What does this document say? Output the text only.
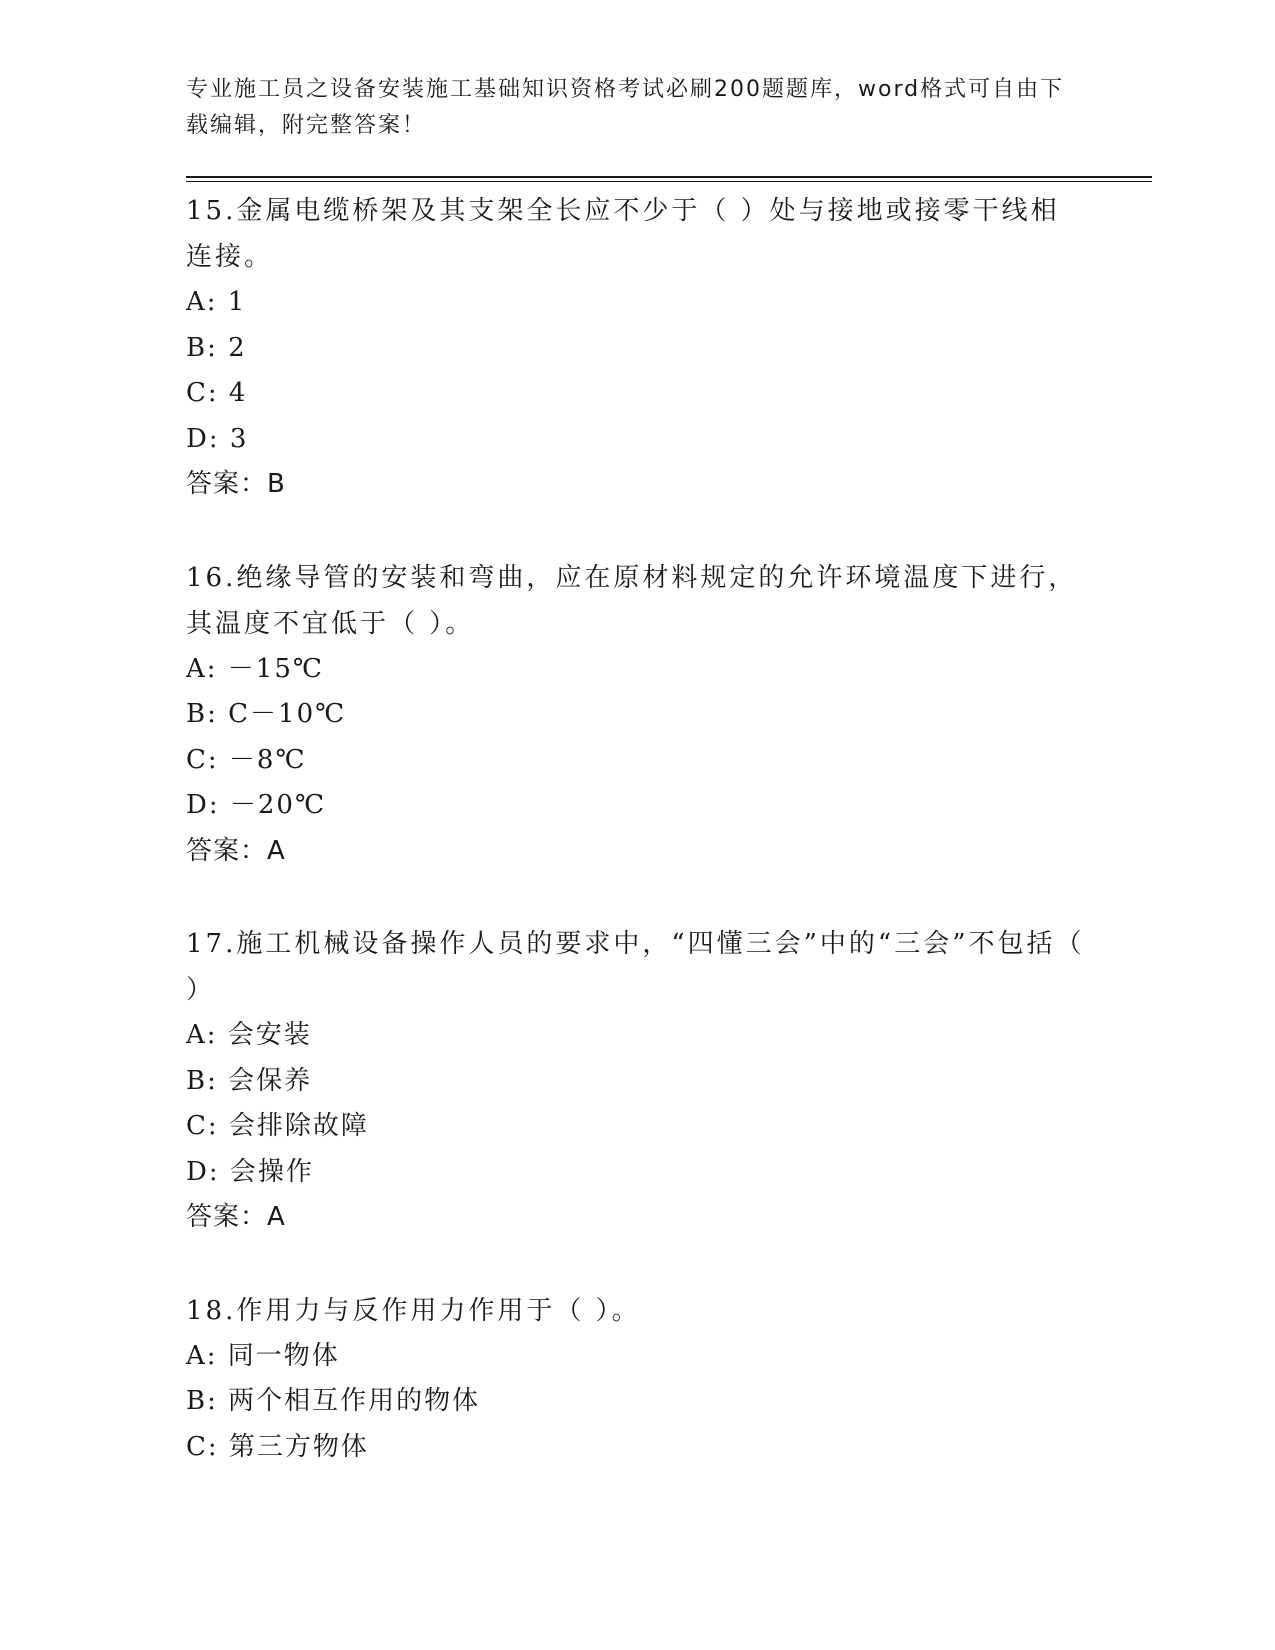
专业施工员之设备安装施工基础知识资格考试必刷200题题库，word格式可自由下载编辑，附完整答案！

15.金属电缆桥架及其支架全长应不少于（ ）处与接地或接零干线相连接。

A: 1

B: 2

C: 4

D: 3

答案：B

16.绝缘导管的安装和弯曲，应在原材料规定的允许环境温度下进行，其温度不宜低于（ ）。

A: －15℃

B: C－10℃

C: －8℃

D: －20℃

答案：A

17.施工机械设备操作人员的要求中，“四懂三会”中的“三会”不包括（ ）

A: 会安装

B: 会保养

C: 会排除故障

D: 会操作

答案：A

18.作用力与反作用力作用于（ ）。

A: 同一物体

B: 两个相互作用的物体

C: 第三方物体
